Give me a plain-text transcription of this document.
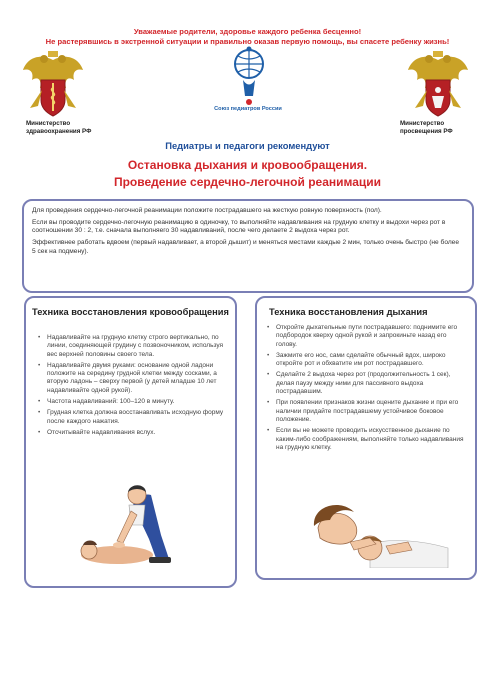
Уважаемые родители, здоровье каждого ребенка бесценно!
Не растерявшись в экстренной ситуации и правильно оказав первую помощь, вы спасете ребенку жизнь!
Министерство здравоохранения РФ
Союз педиатров России
Министерство просвещения РФ
Педиатры и педагоги рекомендуют
Остановка дыхания и кровообращения.
Проведение сердечно-легочной реанимации

Для проведения сердечно-легочной реанимации положите пострадавшего на жесткую ровную поверхность (пол).

Если вы проводите сердечно-легочную реанимацию в одиночку, то выполняйте надавливания на грудную клетку и выдохи через рот в соотношении 30 : 2, т.е. сначала выполняего 30 надавливаний, после чего делаете 2 выдоха через рот.

Эффективнее работать вдвоем (первый надавливает, а второй дышит) и меняться местами каждые 2 мин, только очень быстро (не более 5 сек на подмену).

Техника восстановления кровообращения
• Надавливайте на грудную клетку строго вертикально, по линии, соединяющей грудину с позвоночником, используя вес верхней половины своего тела.
• Надавливайте двумя руками: основание одной ладони положите на середину грудной клетки между сосками, а вторую ладонь – сверху первой (у детей младше 10 лет надавливайте одной рукой).
• Частота надавливаний: 100–120 в минуту.
• Грудная клетка должна восстанавливать исходную форму после каждого нажатия.
• Отсчитывайте надавливания вслух.
Техника восстановления дыхания
• Откройте дыхательные пути пострадавшего: поднимите его подбородок кверху одной рукой и запрокиньте назад его голову.
• Зажмите его нос, сами сделайте обычный вдох, широко откройте рот и обхватите им рот пострадавшего.
• Сделайте 2 выдоха через рот (продолжительность 1 сек), делая паузу между ними для пассивного выдоха пострадавшим.
• При появлении признаков жизни оцените дыхание и при его наличии придайте пострадавшему устойчивое боковое положение.
• Если вы не можете проводить искусственное дыхание по каким-либо соображениям, выполняйте только надавливания на грудную клетку.
